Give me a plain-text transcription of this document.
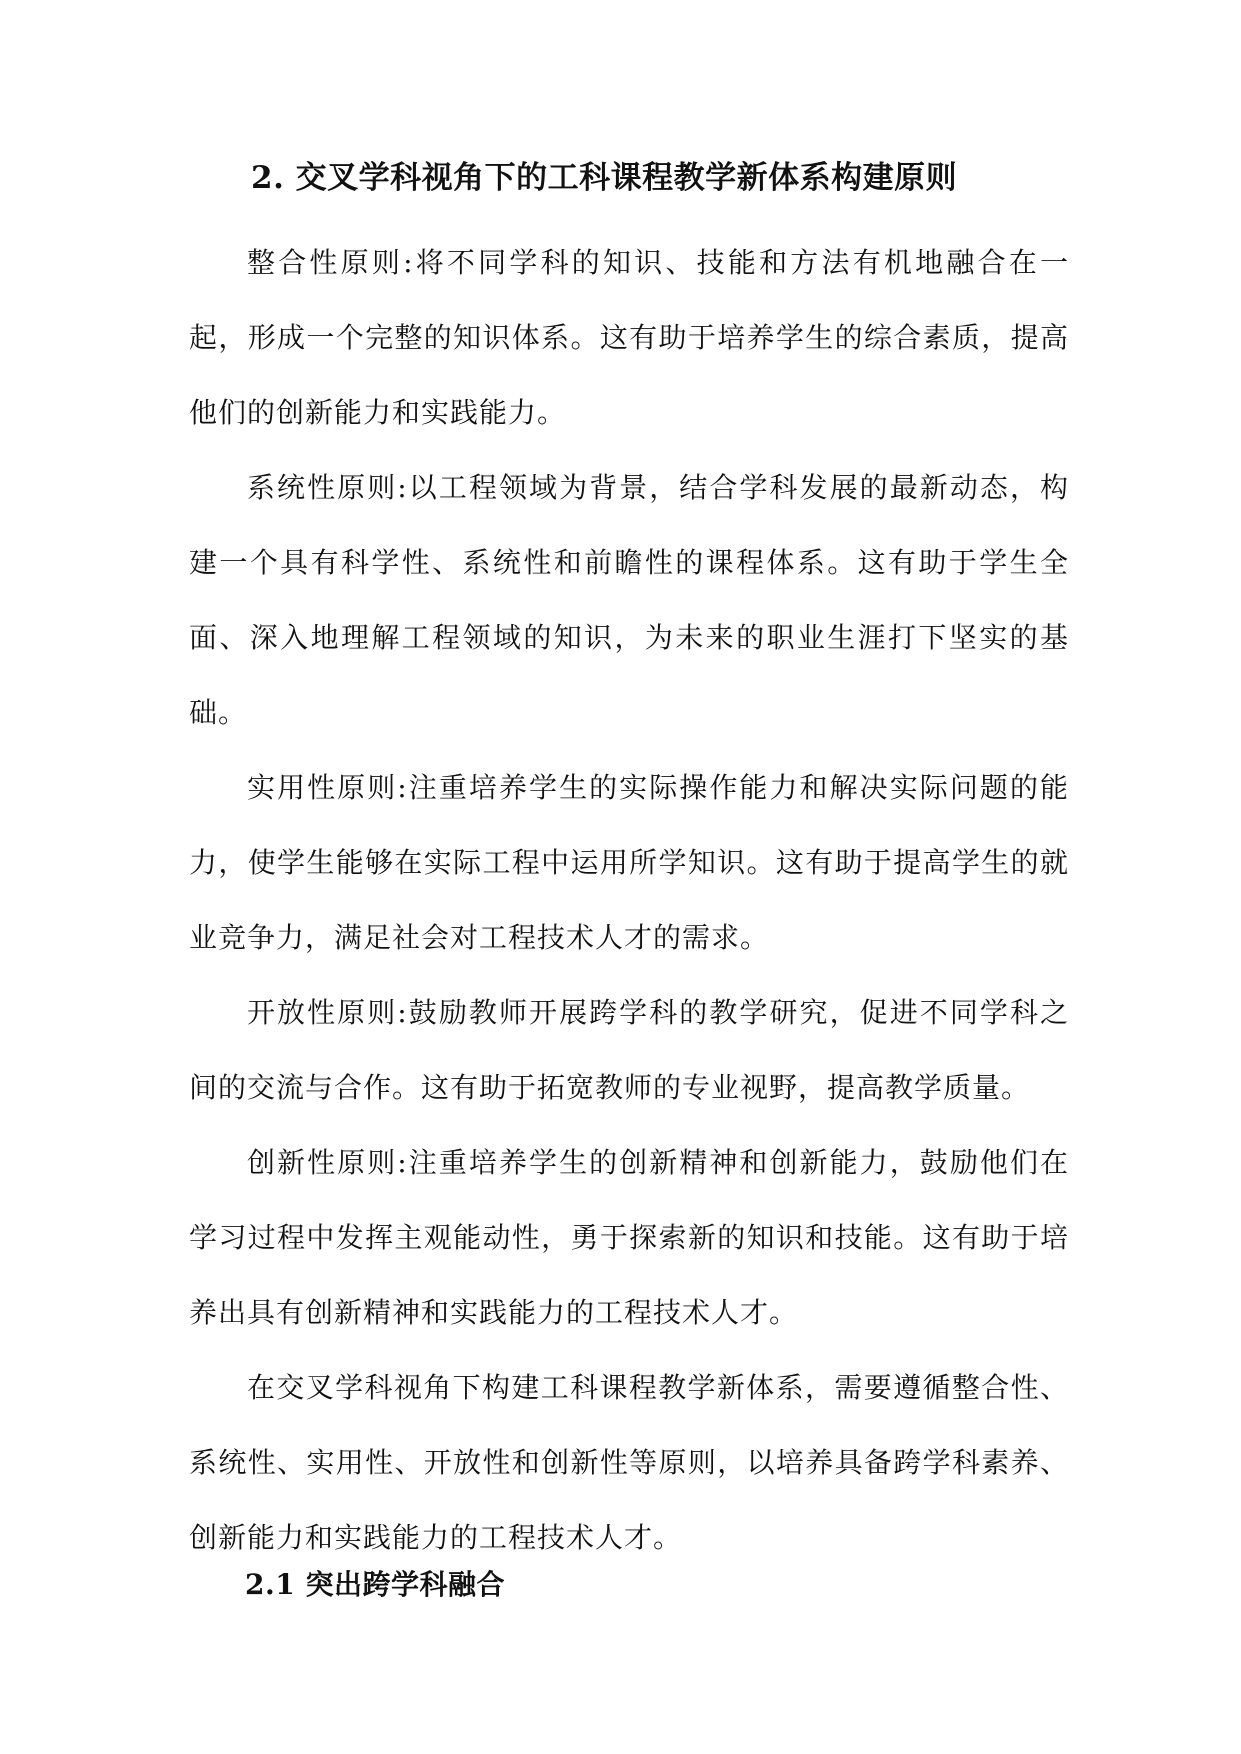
2. 交叉学科视角下的工科课程教学新体系构建原则

整合性原则:将不同学科的知识、技能和方法有机地融合在一起，形成一个完整的知识体系。这有助于培养学生的综合素质，提高他们的创新能力和实践能力。

系统性原则:以工程领域为背景，结合学科发展的最新动态，构建一个具有科学性、系统性和前瞻性的课程体系。这有助于学生全面、深入地理解工程领域的知识，为未来的职业生涯打下坚实的基础。

实用性原则:注重培养学生的实际操作能力和解决实际问题的能力，使学生能够在实际工程中运用所学知识。这有助于提高学生的就业竞争力，满足社会对工程技术人才的需求。

开放性原则:鼓励教师开展跨学科的教学研究，促进不同学科之间的交流与合作。这有助于拓宽教师的专业视野，提高教学质量。

创新性原则:注重培养学生的创新精神和创新能力，鼓励他们在学习过程中发挥主观能动性，勇于探索新的知识和技能。这有助于培养出具有创新精神和实践能力的工程技术人才。

在交叉学科视角下构建工科课程教学新体系，需要遵循整合性、系统性、实用性、开放性和创新性等原则，以培养具备跨学科素养、创新能力和实践能力的工程技术人才。

2.1 突出跨学科融合
